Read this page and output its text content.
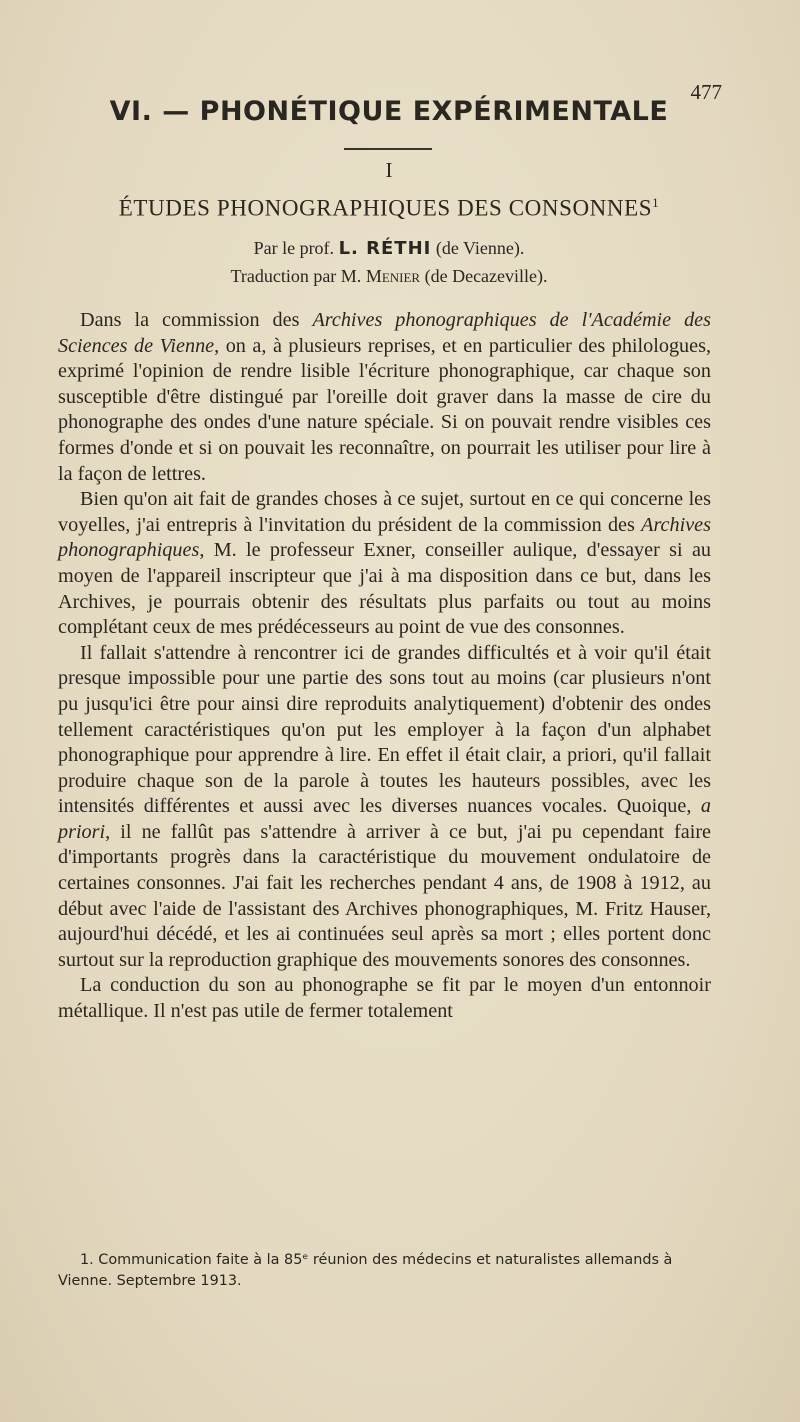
477
VI. — PHONÉTIQUE EXPÉRIMENTALE
I
ÉTUDES PHONOGRAPHIQUES DES CONSONNES$^1$
Par le prof. L. RÉTHI (de Vienne).
Traduction par M. Menier (de Decazeville).

Dans la commission des Archives phonographiques de l'Académie des Sciences de Vienne, on a, à plusieurs reprises, et en particulier des philologues, exprimé l'opinion de rendre lisible l'écriture phonographique, car chaque son susceptible d'être distingué par l'oreille doit graver dans la masse de cire du phonographe des ondes d'une nature spéciale. Si on pouvait rendre visibles ces formes d'onde et si on pouvait les reconnaître, on pourrait les utiliser pour lire à la façon de lettres.

Bien qu'on ait fait de grandes choses à ce sujet, surtout en ce qui concerne les voyelles, j'ai entrepris à l'invitation du président de la commission des Archives phonographiques, M. le professeur Exner, conseiller aulique, d'essayer si au moyen de l'appareil inscripteur que j'ai à ma disposition dans ce but, dans les Archives, je pourrais obtenir des résultats plus parfaits ou tout au moins complétant ceux de mes prédécesseurs au point de vue des consonnes.

Il fallait s'attendre à rencontrer ici de grandes difficultés et à voir qu'il était presque impossible pour une partie des sons tout au moins (car plusieurs n'ont pu jusqu'ici être pour ainsi dire reproduits analytiquement) d'obtenir des ondes tellement caractéristiques qu'on put les employer à la façon d'un alphabet phonographique pour apprendre à lire. En effet il était clair, a priori, qu'il fallait produire chaque son de la parole à toutes les hauteurs possibles, avec les intensités différentes et aussi avec les diverses nuances vocales. Quoique, a priori, il ne fallût pas s'attendre à arriver à ce but, j'ai pu cependant faire d'importants progrès dans la caractéristique du mouvement ondulatoire de certaines consonnes. J'ai fait les recherches pendant 4 ans, de 1908 à 1912, au début avec l'aide de l'assistant des Archives phonographiques, M. Fritz Hauser, aujourd'hui décédé, et les ai continuées seul après sa mort ; elles portent donc surtout sur la reproduction graphique des mouvements sonores des consonnes.

La conduction du son au phonographe se fit par le moyen d'un entonnoir métallique. Il n'est pas utile de fermer totalement

1. Communication faite à la 85ᵉ réunion des médecins et naturalistes allemands à Vienne. Septembre 1913.
